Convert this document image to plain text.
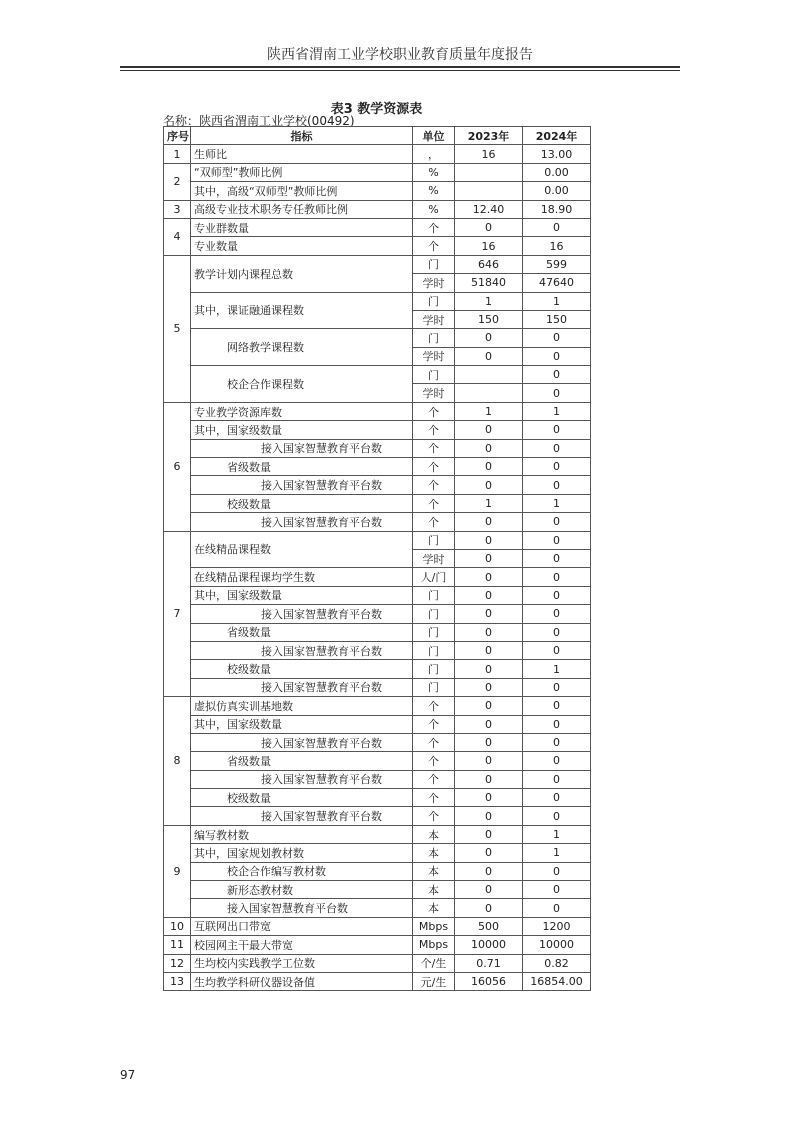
陕西省渭南工业学校职业教育质量年度报告
表3 教学资源表
名称：陕西省渭南工业学校(00492)
序号	指标	单位	2023年	2024年
1	生师比	，	16	13.00
2	“双师型”教师比例	%		0.00
	其中，高级“双师型”教师比例	%		0.00
3	高级专业技术职务专任教师比例	%	12.40	18.90
4	专业群数量	个	0	0
	专业数量	个	16	16
5	教学计划内课程总数	门	646	599
		学时	51840	47640
	其中，课证融通课程数	门	1	1
		学时	150	150
	网络教学课程数	门	0	0
		学时	0	0
	校企合作课程数	门		0
		学时		0
6	专业教学资源库数	个	1	1
	其中，国家级数量	个	0	0
	接入国家智慧教育平台数	个	0	0
	省级数量	个	0	0
	接入国家智慧教育平台数	个	0	0
	校级数量	个	1	1
	接入国家智慧教育平台数	个	0	0
7	在线精品课程数	门	0	0
		学时	0	0
	在线精品课程课均学生数	人/门	0	0
	其中，国家级数量	门	0	0
	接入国家智慧教育平台数	门	0	0
	省级数量	门	0	0
	接入国家智慧教育平台数	门	0	0
	校级数量	门	0	1
	接入国家智慧教育平台数	门	0	0
8	虚拟仿真实训基地数	个	0	0
	其中，国家级数量	个	0	0
	接入国家智慧教育平台数	个	0	0
	省级数量	个	0	0
	接入国家智慧教育平台数	个	0	0
	校级数量	个	0	0
	接入国家智慧教育平台数	个	0	0
9	编写教材数	本	0	1
	其中，国家规划教材数	本	0	1
	校企合作编写教材数	本	0	0
	新形态教材数	本	0	0
	接入国家智慧教育平台数	本	0	0
10	互联网出口带宽	Mbps	500	1200
11	校园网主干最大带宽	Mbps	10000	10000
12	生均校内实践教学工位数	个/生	0.71	0.82
13	生均教学科研仪器设备值	元/生	16056	16854.00
97
